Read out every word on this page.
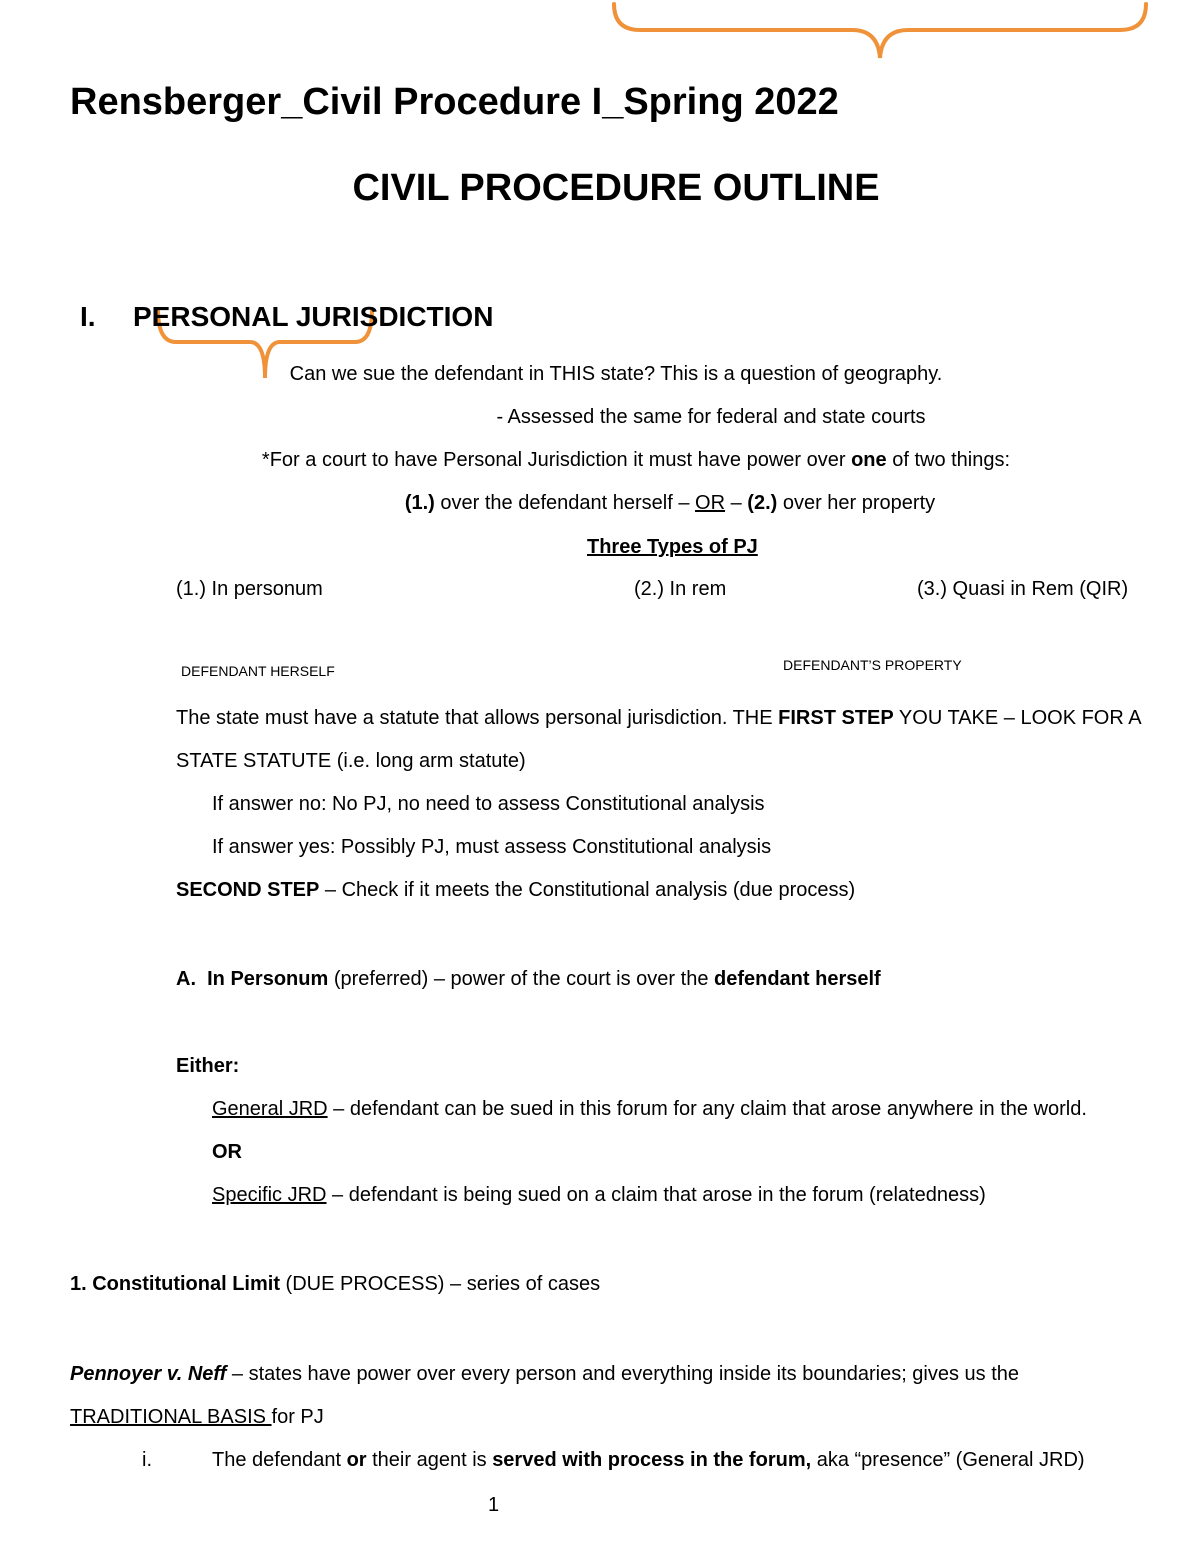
Rensberger_Civil Procedure I_Spring 2022
CIVIL PROCEDURE OUTLINE
I. PERSONAL JURISDICTION
Can we sue the defendant in THIS state? This is a question of geography.
- Assessed the same for federal and state courts
*For a court to have Personal Jurisdiction it must have power over one of two things:
(1.) over the defendant herself – OR – (2.) over her property
Three Types of PJ
(1.) In personum	(2.) In rem	(3.) Quasi in Rem (QIR)
DEFENDANT HERSELF	DEFENDANT’S PROPERTY
The state must have a statute that allows personal jurisdiction. THE FIRST STEP YOU TAKE – LOOK FOR A
STATE STATUTE (i.e. long arm statute)
If answer no: No PJ, no need to assess Constitutional analysis
If answer yes: Possibly PJ, must assess Constitutional analysis
SECOND STEP – Check if it meets the Constitutional analysis (due process)
A. In Personum (preferred) – power of the court is over the defendant herself
Either:
General JRD – defendant can be sued in this forum for any claim that arose anywhere in the world.
OR
Specific JRD – defendant is being sued on a claim that arose in the forum (relatedness)
1. Constitutional Limit (DUE PROCESS) – series of cases
Pennoyer v. Neff – states have power over every person and everything inside its boundaries; gives us the
TRADITIONAL BASIS for PJ
i.	The defendant or their agent is served with process in the forum, aka “presence” (General JRD)
1
